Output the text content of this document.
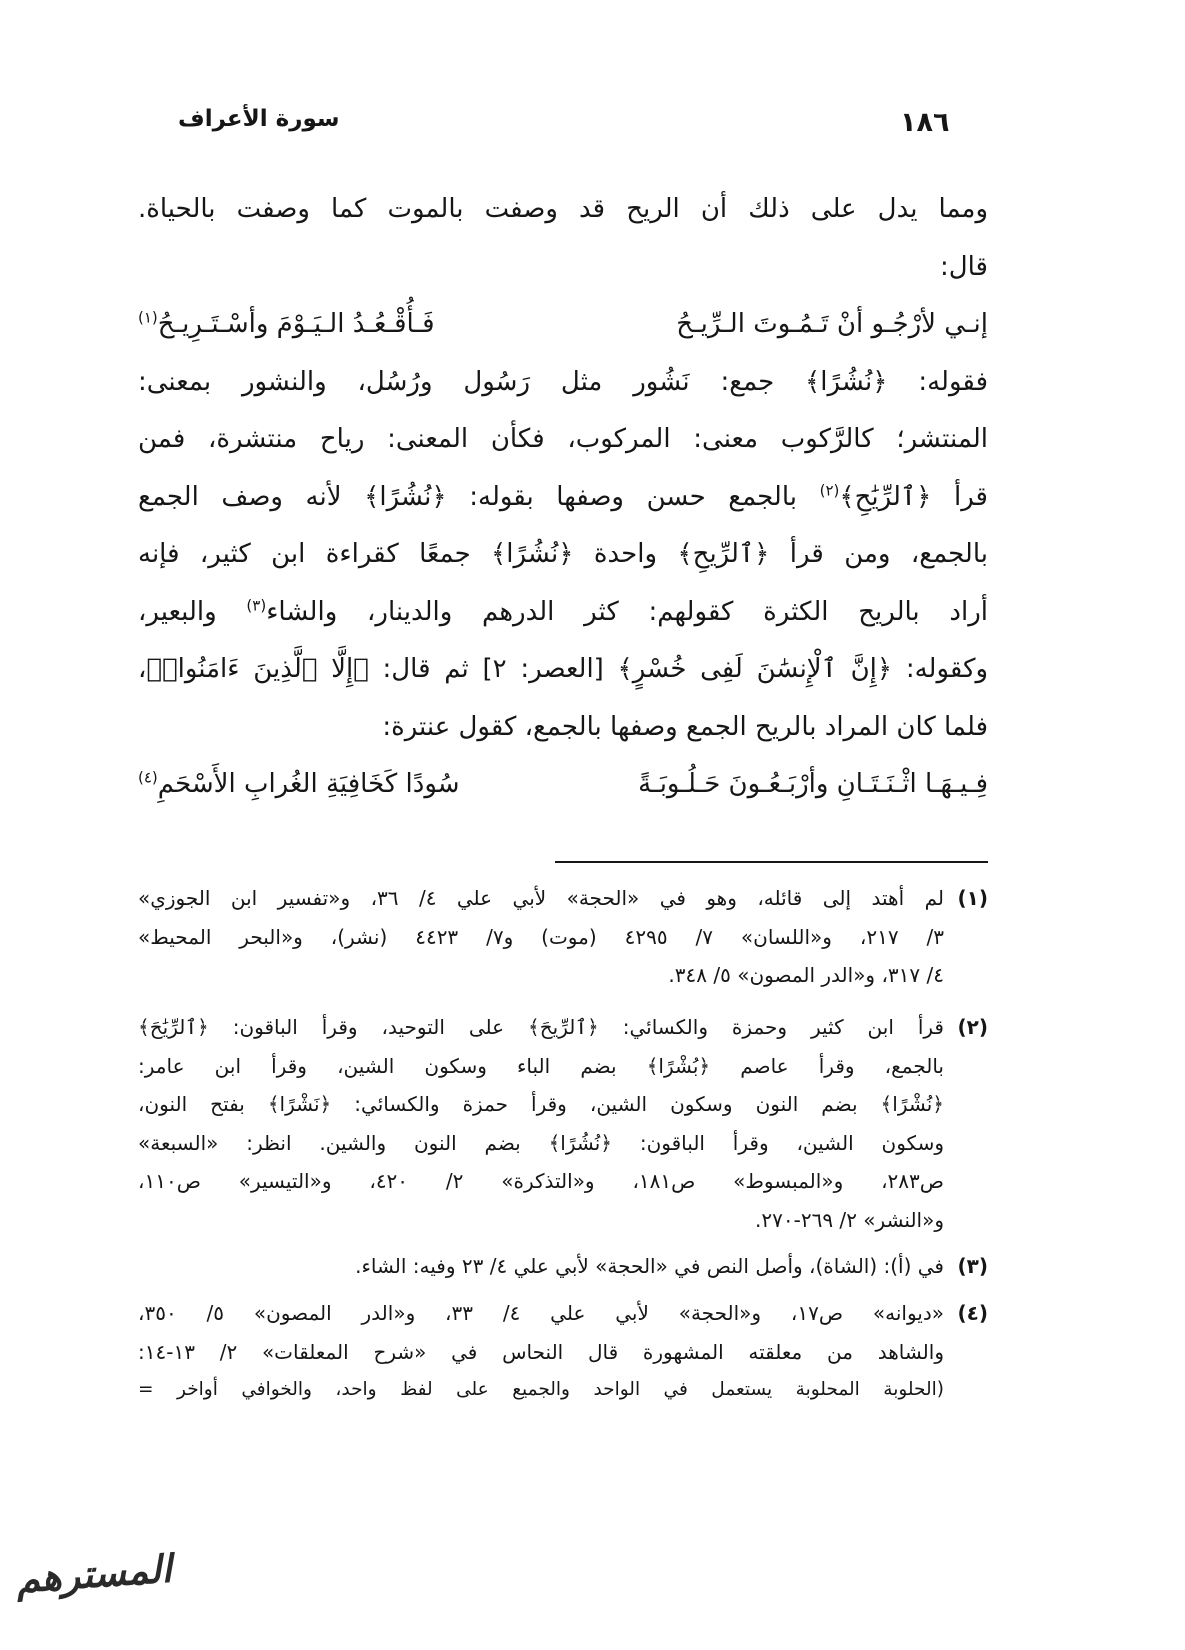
سورة الأعراف	١٨٦
ومما يدل على ذلك أن الريح قد وصفت بالموت كما وصفت بالحياة.
قال:
إنـي لأرْجُـو أنْ تَـمُـوتَ الـرِّيـحُ
فَـأُقْـعُـدُ الـيَـوْمَ وأسْـتَـرِيـحُ$^{(١)}$
فقوله: ﴿نُشُرًا﴾ جمع: نَشُور مثل رَسُول ورُسُل، والنشور بمعنى:
المنتشر؛ كالرَّكوب معنى: المركوب، فكأن المعنى: رياح منتشرة، فمن
قرأ ﴿ٱلرِّيَٰحِ﴾$^{(٢)}$ بالجمع حسن وصفها بقوله: ﴿نُشُرًا﴾ لأنه وصف الجمع
بالجمع، ومن قرأ ﴿ٱلرِّيحِ﴾ واحدة ﴿نُشُرًا﴾ جمعًا كقراءة ابن كثير، فإنه
أراد بالريح الكثرة كقولهم: كثر الدرهم والدينار، والشاء$^{(٣)}$ والبعير،
وكقوله: ﴿إِنَّ ٱلْإِنسَٰنَ لَفِى خُسْرٍ﴾ [العصر: ٢] ثم قال: ﴿إِلَّا ٱلَّذِينَ ءَامَنُوا۟﴾،
فلما كان المراد بالريح الجمع وصفها بالجمع، كقول عنترة:
فِـيـهَـا اثْـنَـتَـانِ وأرْبَـعُـونَ حَـلُـوبَـةً
سُودًا كَخَافِيَةِ الغُرابِ الأَسْحَمِ$^{(٤)}$
(١)
لم أهتد إلى قائله، وهو في «الحجة» لأبي علي ٤/ ٣٦، و«تفسير ابن الجوزي»
٣/ ٢١٧، و«اللسان» ٧/ ٤٢٩٥ (موت) و٧/ ٤٤٢٣ (نشر)، و«البحر المحيط»
٤/ ٣١٧، و«الدر المصون» ٥/ ٣٤٨.
(٢)
قرأ ابن كثير وحمزة والكسائي: ﴿ٱلرِّيحَ﴾ على التوحيد، وقرأ الباقون: ﴿ٱلرِّيَٰحَ﴾
بالجمع، وقرأ عاصم ﴿بُشْرًا﴾ بضم الباء وسكون الشين، وقرأ ابن عامر:
﴿نُشْرًا﴾ بضم النون وسكون الشين، وقرأ حمزة والكسائي: ﴿نَشْرًا﴾ بفتح النون،
وسكون الشين، وقرأ الباقون: ﴿نُشُرًا﴾ بضم النون والشين. انظر: «السبعة»
ص٢٨٣، و«المبسوط» ص١٨١، و«التذكرة» ٢/ ٤٢٠، و«التيسير» ص١١٠،
و«النشر» ٢/ ٢٦٩-٢٧٠.
(٣)
في (أ): (الشاة)، وأصل النص في «الحجة» لأبي علي ٤/ ٢٣ وفيه: الشاء.
(٤)
«ديوانه» ص١٧، و«الحجة» لأبي علي ٤/ ٣٣، و«الدر المصون» ٥/ ٣٥٠،
والشاهد من معلقته المشهورة قال النحاس في «شرح المعلقات» ٢/ ١٣-١٤:
(الحلوبة المحلوبة يستعمل في الواحد والجميع على لفظ واحد، والخوافي أواخر =
المسترهم
